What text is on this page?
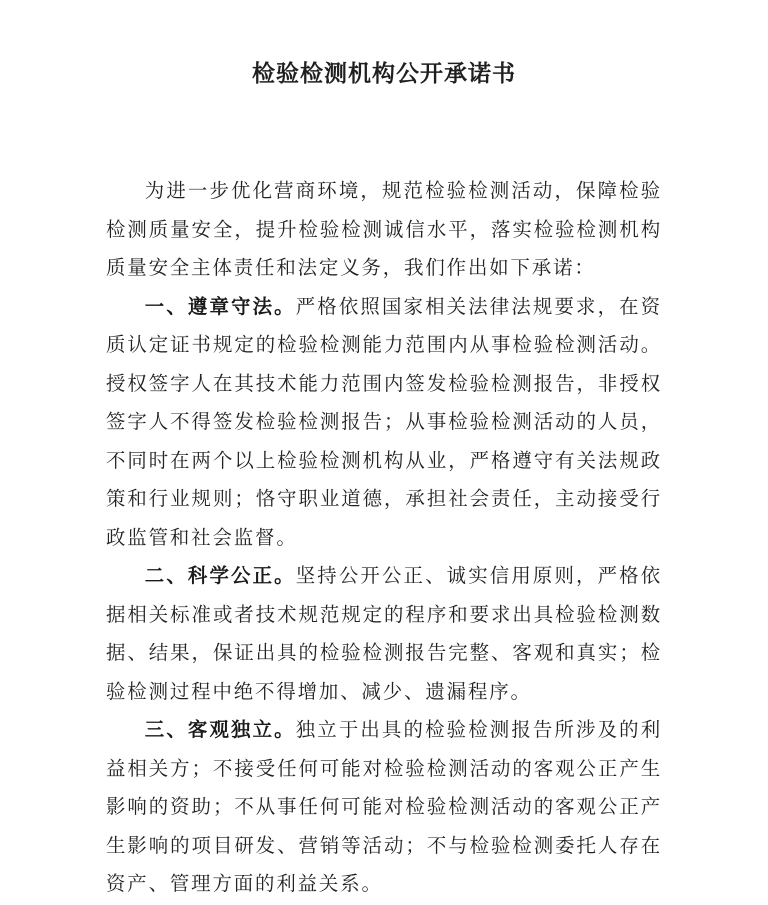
检验检测机构公开承诺书

为进一步优化营商环境，规范检验检测活动，保障检验检测质量安全，提升检验检测诚信水平，落实检验检测机构质量安全主体责任和法定义务，我们作出如下承诺：

一、遵章守法。严格依照国家相关法律法规要求，在资质认定证书规定的检验检测能力范围内从事检验检测活动。授权签字人在其技术能力范围内签发检验检测报告，非授权签字人不得签发检验检测报告；从事检验检测活动的人员，不同时在两个以上检验检测机构从业，严格遵守有关法规政策和行业规则；恪守职业道德，承担社会责任，主动接受行政监管和社会监督。

二、科学公正。坚持公开公正、诚实信用原则，严格依据相关标准或者技术规范规定的程序和要求出具检验检测数据、结果，保证出具的检验检测报告完整、客观和真实；检验检测过程中绝不得增加、减少、遗漏程序。

三、客观独立。独立于出具的检验检测报告所涉及的利益相关方；不接受任何可能对检验检测活动的客观公正产生影响的资助；不从事任何可能对检验检测活动的客观公正产生影响的项目研发、营销等活动；不与检验检测委托人存在资产、管理方面的利益关系。
